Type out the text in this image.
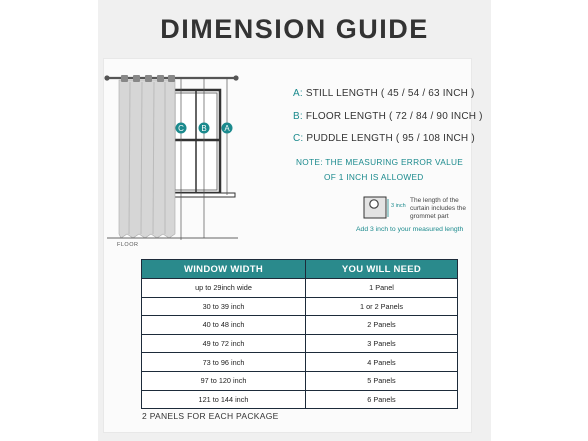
DIMENSION GUIDE
C B A
FLOOR
A: STILL LENGTH ( 45 / 54 / 63 INCH )
B: FLOOR LENGTH ( 72 / 84 / 90 INCH )
C: PUDDLE LENGTH ( 95 / 108 INCH )
NOTE: THE MEASURING ERROR VALUE
OF 1 INCH IS ALLOWED
3 inch
The length of the curtain includes the grommet part
Add 3 inch to your measured length
WINDOW WIDTH	YOU WILL NEED
up to 29inch wide	1 Panel
30 to 39 inch	1 or 2 Panels
40 to 48 inch	2 Panels
49 to 72 inch	3 Panels
73 to 96 inch	4 Panels
97 to 120 inch	5 Panels
121 to 144 inch	6 Panels
2 PANELS FOR EACH PACKAGE
